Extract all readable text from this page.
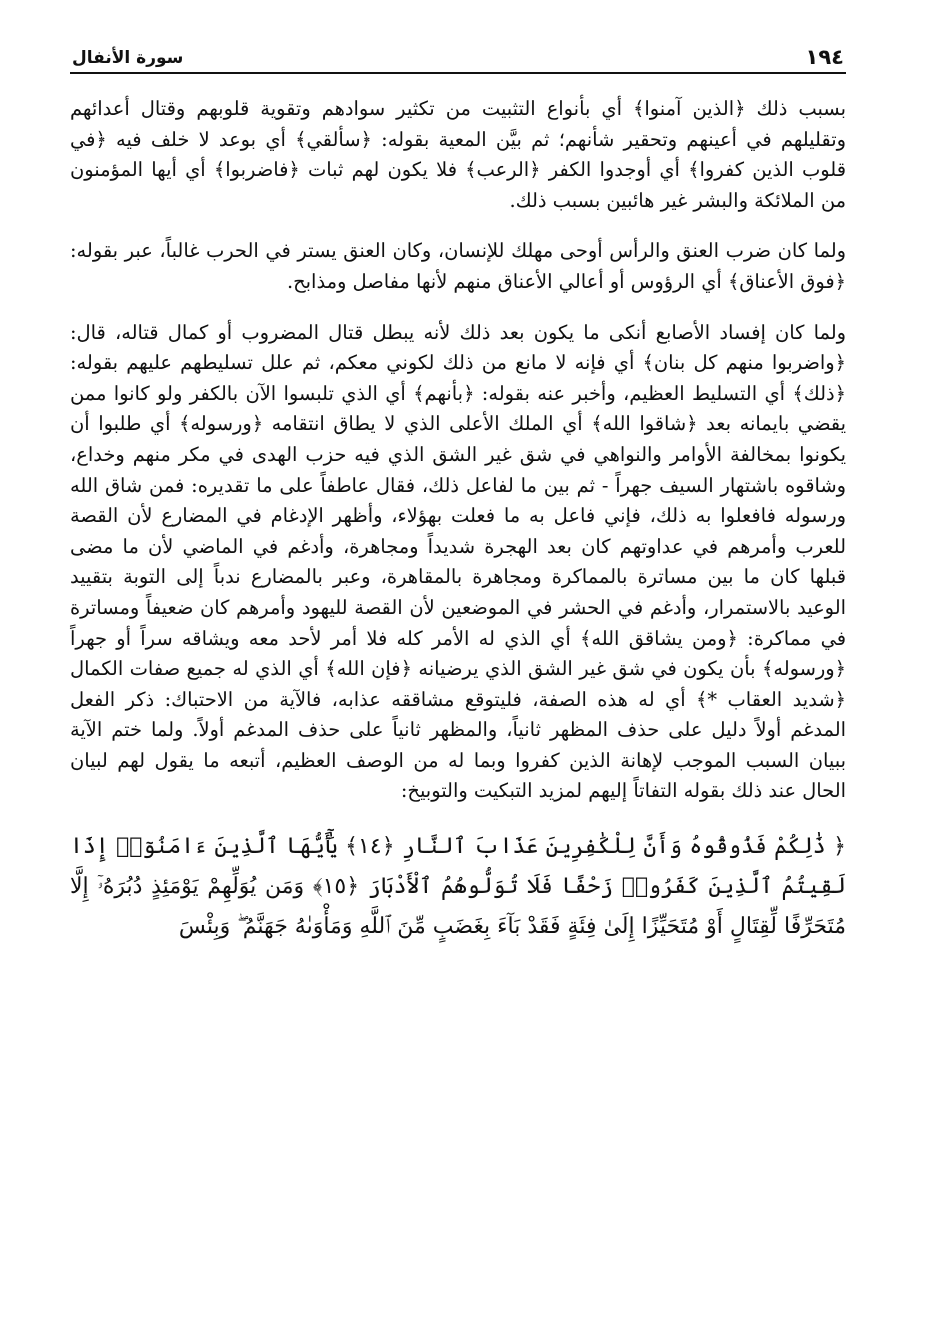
١٩٤
سورة الأنفال

بسبب ذلك ﴿الذين آمنوا﴾ أي بأنواع التثبيت من تكثير سوادهم وتقوية قلوبهم وقتال أعدائهم وتقليلهم في أعينهم وتحقير شأنهم؛ ثم بيَّن المعية بقوله: ﴿سألقي﴾ أي بوعد لا خلف فيه ﴿في قلوب الذين كفروا﴾ أي أوجدوا الكفر ﴿الرعب﴾ فلا يكون لهم ثبات ﴿فاضربوا﴾ أي أيها المؤمنون من الملائكة والبشر غير هائبين بسبب ذلك.

ولما كان ضرب العنق والرأس أوحى مهلك للإنسان، وكان العنق يستر في الحرب غالباً، عبر بقوله: ﴿فوق الأعناق﴾ أي الرؤوس أو أعالي الأعناق منهم لأنها مفاصل ومذابح.

ولما كان إفساد الأصابع أنكى ما يكون بعد ذلك لأنه يبطل قتال المضروب أو كمال قتاله، قال: ﴿واضربوا منهم كل بنان﴾ أي فإنه لا مانع من ذلك لكوني معكم، ثم علل تسليطهم عليهم بقوله: ﴿ذلك﴾ أي التسليط العظيم، وأخبر عنه بقوله: ﴿بأنهم﴾ أي الذي تلبسوا الآن بالكفر ولو كانوا ممن يقضي بايمانه بعد ﴿شاقوا الله﴾ أي الملك الأعلى الذي لا يطاق انتقامه ﴿ورسوله﴾ أي طلبوا أن يكونوا بمخالفة الأوامر والنواهي في شق غير الشق الذي فيه حزب الهدى في مكر منهم وخداع، وشاقوه باشتهار السيف جهراً - ثم بين ما لفاعل ذلك، فقال عاطفاً على ما تقديره: فمن شاق الله ورسوله فافعلوا به ذلك، فإني فاعل به ما فعلت بهؤلاء، وأظهر الإدغام في المضارع لأن القصة للعرب وأمرهم في عداوتهم كان بعد الهجرة شديداً ومجاهرة، وأدغم في الماضي لأن ما مضى قبلها كان ما بين مساترة بالمماكرة ومجاهرة بالمقاهرة، وعبر بالمضارع ندباً إلى التوبة بتقييد الوعيد بالاستمرار، وأدغم في الحشر في الموضعين لأن القصة لليهود وأمرهم كان ضعيفاً ومساترة في مماكرة: ﴿ومن يشاقق الله﴾ أي الذي له الأمر كله فلا أمر لأحد معه ويشاقه سراً أو جهراً ﴿ورسوله﴾ بأن يكون في شق غير الشق الذي يرضيانه ﴿فإن الله﴾ أي الذي له جميع صفات الكمال ﴿شديد العقاب *﴾ أي له هذه الصفة، فليتوقع مشاققه عذابه، فالآية من الاحتباك: ذكر الفعل المدغم أولاً دليل على حذف المظهر ثانياً، والمظهر ثانياً على حذف المدغم أولاً. ولما ختم الآية ببيان السبب الموجب لإهانة الذين كفروا وبما له من الوصف العظيم، أتبعه ما يقول لهم لبيان الحال عند ذلك بقوله التفاتاً إليهم لمزيد التبكيت والتوبيخ:

﴿ ذَٰلِكُمْ فَذُوقُوهُ وَأَنَّ لِلْكَٰفِرِينَ عَذَابَ ٱلنَّارِ ﴿١٤﴾ يَٰٓأَيُّهَا ٱلَّذِينَ ءَامَنُوٓا۟ إِذَا لَقِيتُمُ ٱلَّذِينَ كَفَرُوا۟ زَحْفًا فَلَا تُوَلُّوهُمُ ٱلْأَدْبَارَ ﴿١٥﴾ وَمَن يُوَلِّهِمْ يَوْمَئِذٍ دُبُرَهُۥٓ إِلَّا مُتَحَرِّفًا لِّقِتَالٍ أَوْ مُتَحَيِّزًا إِلَىٰ فِئَةٍ فَقَدْ بَآءَ بِغَضَبٍ مِّنَ ٱللَّهِ وَمَأْوَىٰهُ جَهَنَّمُ ۖ وَبِئْسَ
